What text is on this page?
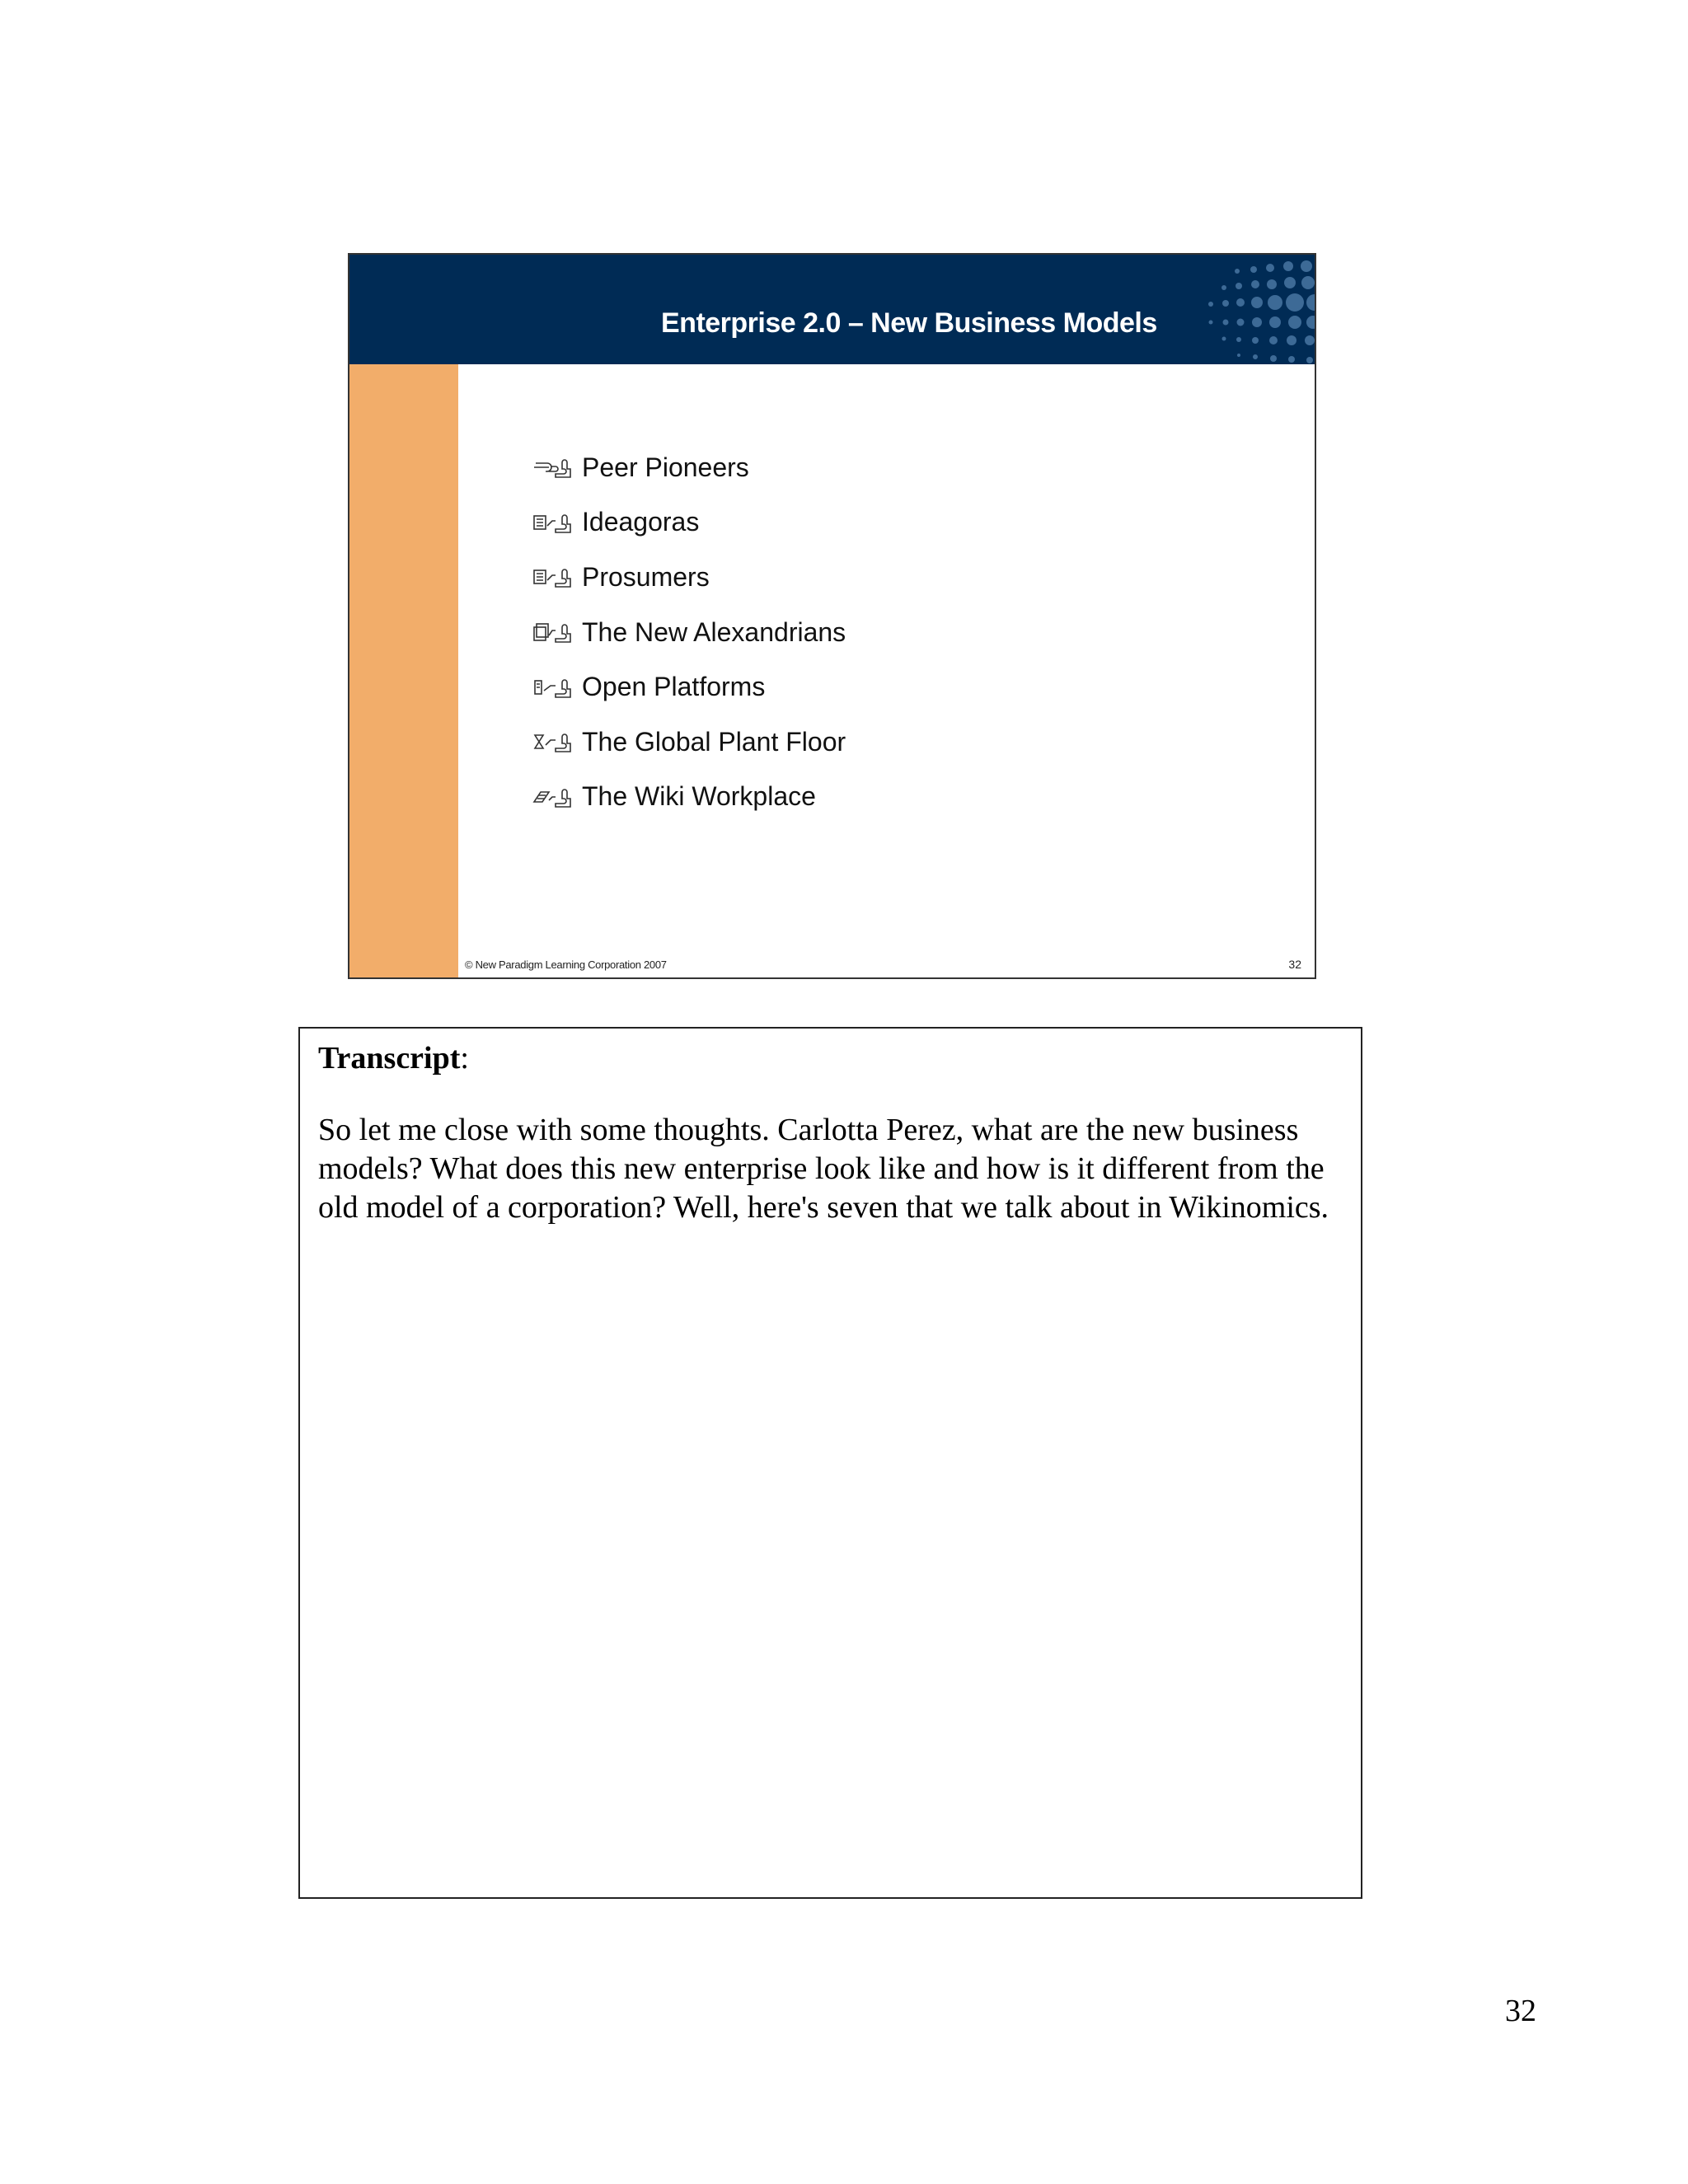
Enterprise 2.0 – New Business Models
Peer Pioneers
Ideagoras
Prosumers
The New Alexandrians
Open Platforms
The Global Plant Floor
The Wiki Workplace
© New Paradigm Learning Corporation 2007	32

Transcript:

So let me close with some thoughts. Carlotta Perez, what are the new business models? What does this new enterprise look like and how is it different from the old model of a corporation? Well, here's seven that we talk about in Wikinomics.

32
